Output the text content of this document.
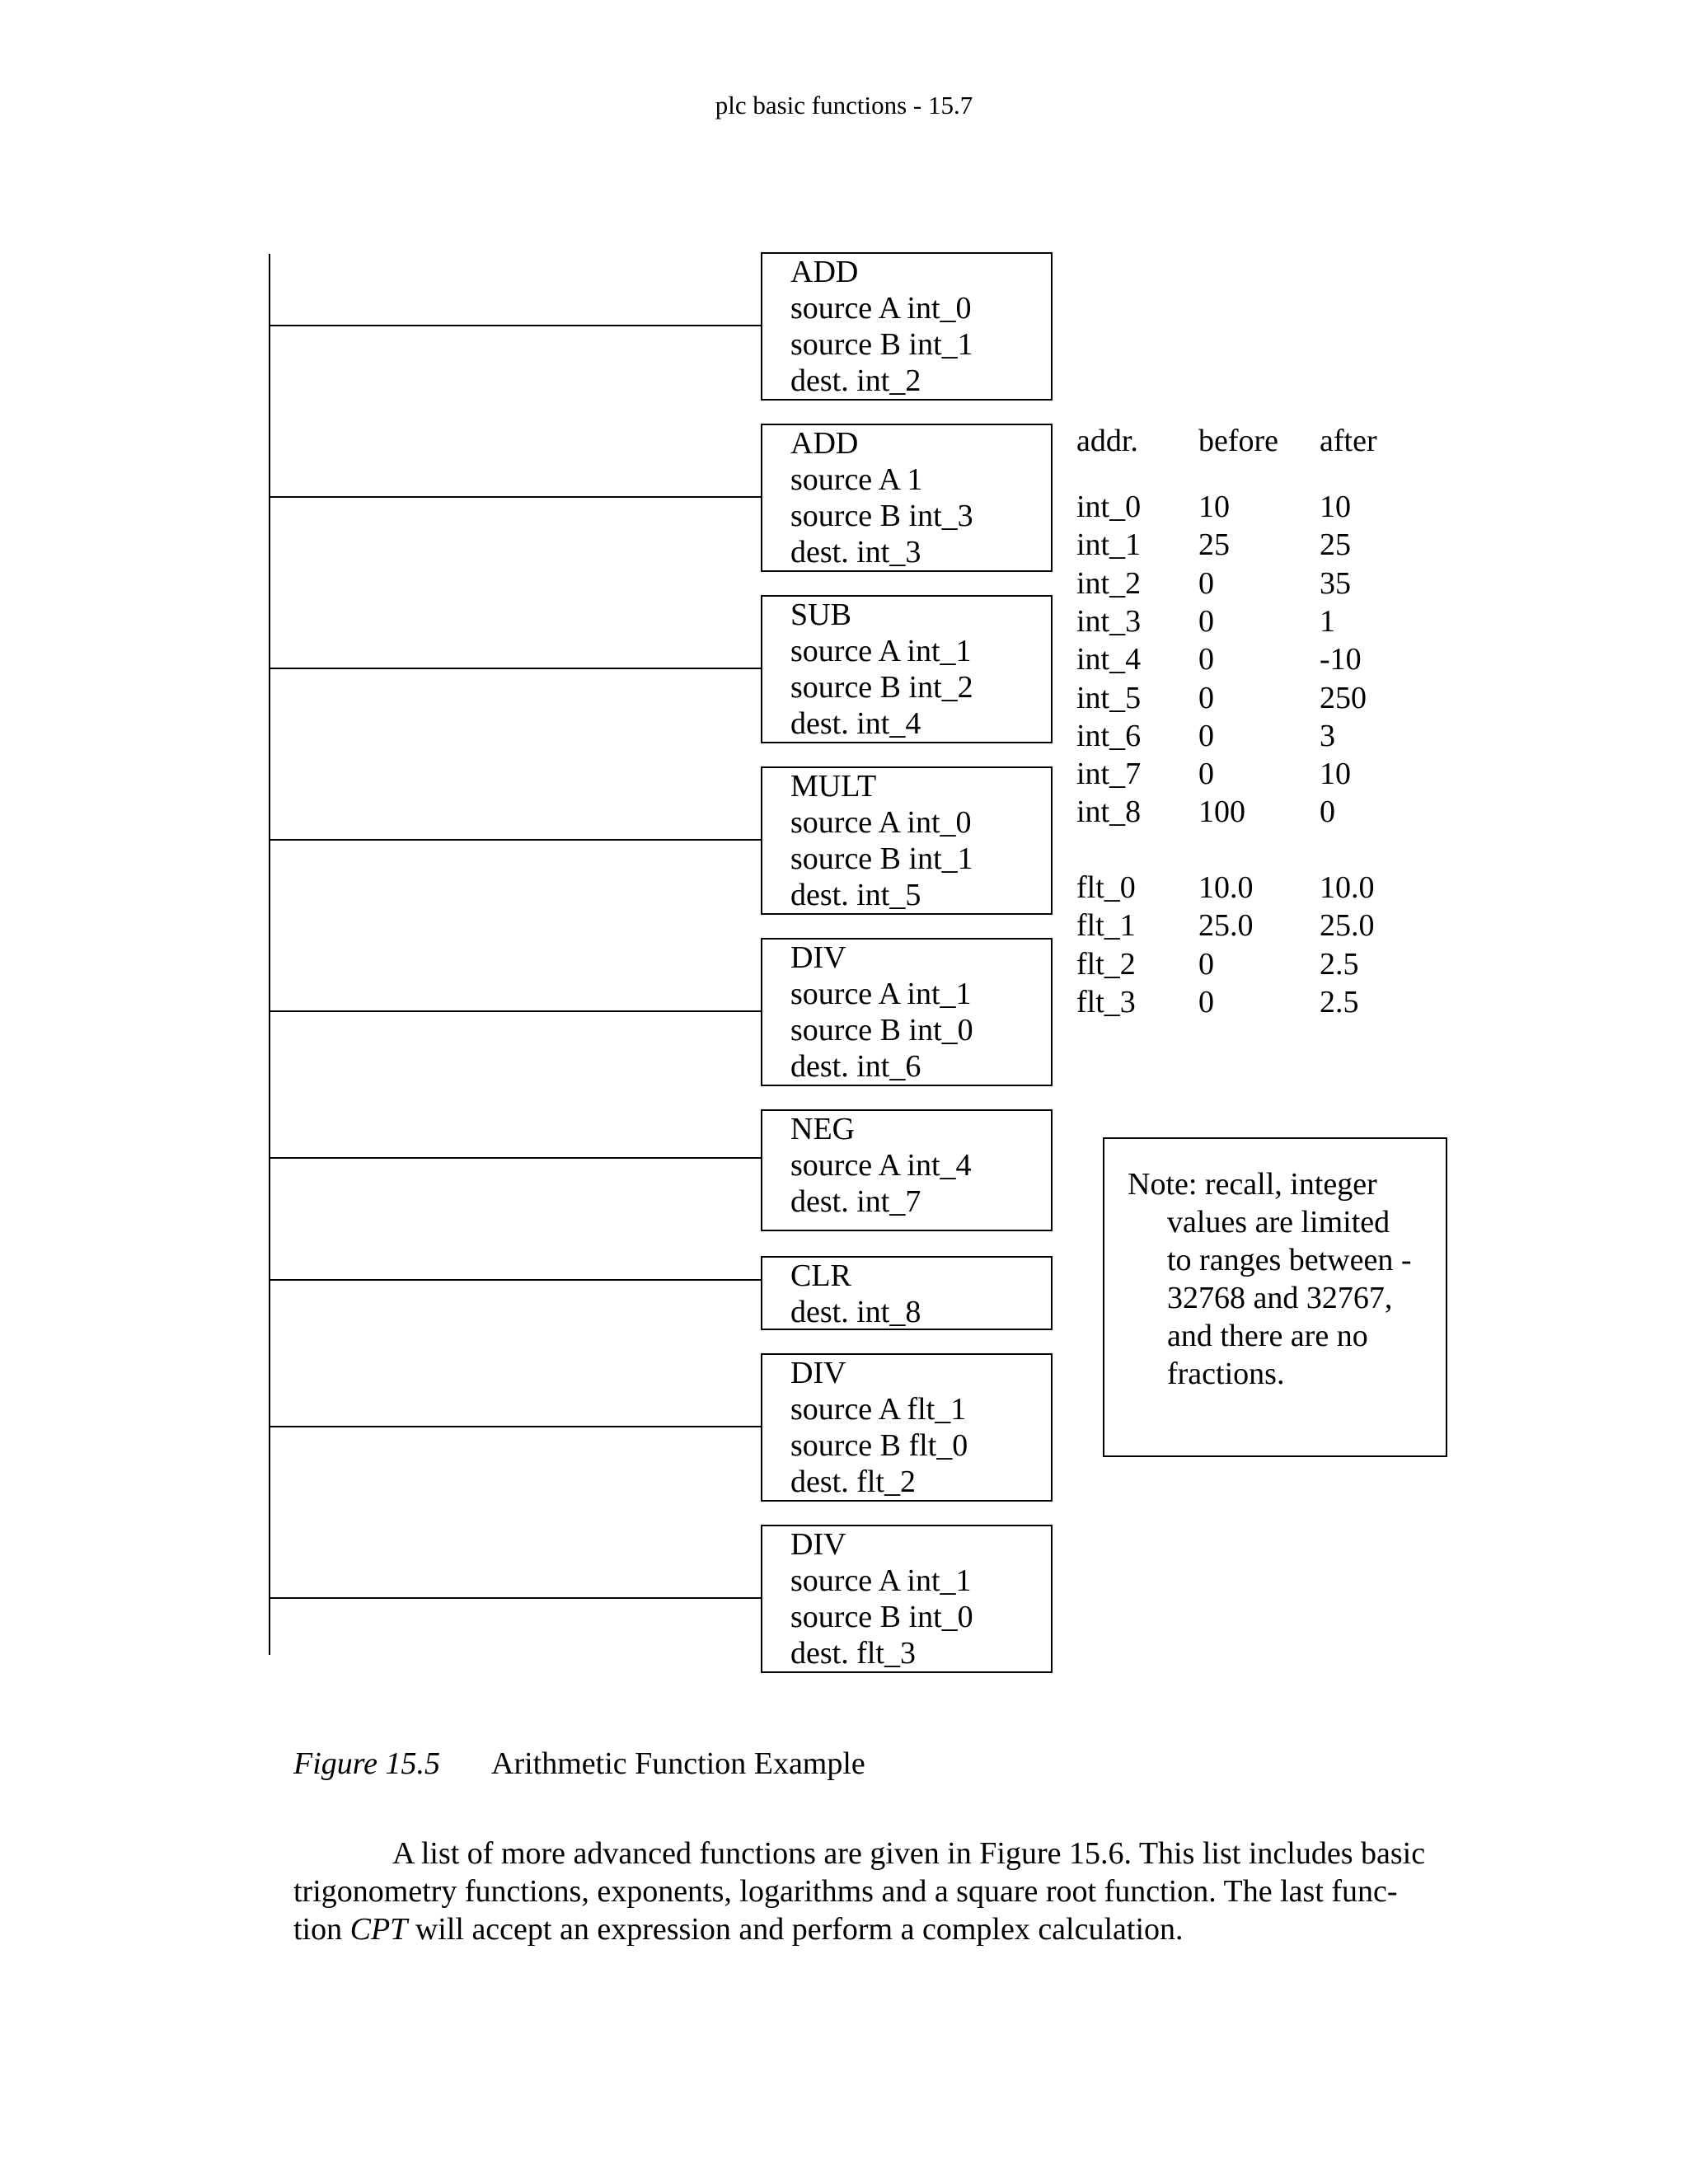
plc basic functions - 15.7
ADD
source A int_0
source B int_1
dest. int_2
ADD
source A 1
source B int_3
dest. int_3
SUB
source A int_1
source B int_2
dest. int_4
MULT
source A int_0
source B int_1
dest. int_5
DIV
source A int_1
source B int_0
dest. int_6
NEG
source A int_4
dest. int_7
CLR
dest. int_8
DIV
source A flt_1
source B flt_0
dest. flt_2
DIV
source A int_1
source B int_0
dest. flt_3
addr. before after
int_0 10	10
int_1 25	25
int_2 0	35
int_3 0	1
int_4 0	-10
int_5 0	250
int_6 0	3
int_7 0	10
int_8 100 0
flt_0 10.0 10.0
flt_1 25.0 25.0
flt_2 0	2.5
flt_3 0	2.5
Note: recall, integer
values are limited
to ranges between -
32768 and 32767,
and there are no
fractions.
Figure 15.5 Arithmetic Function Example
A list of more advanced functions are given in Figure 15.6. This list includes basic
trigonometry functions, exponents, logarithms and a square root function. The last func-
tion CPT will accept an expression and perform a complex calculation.
